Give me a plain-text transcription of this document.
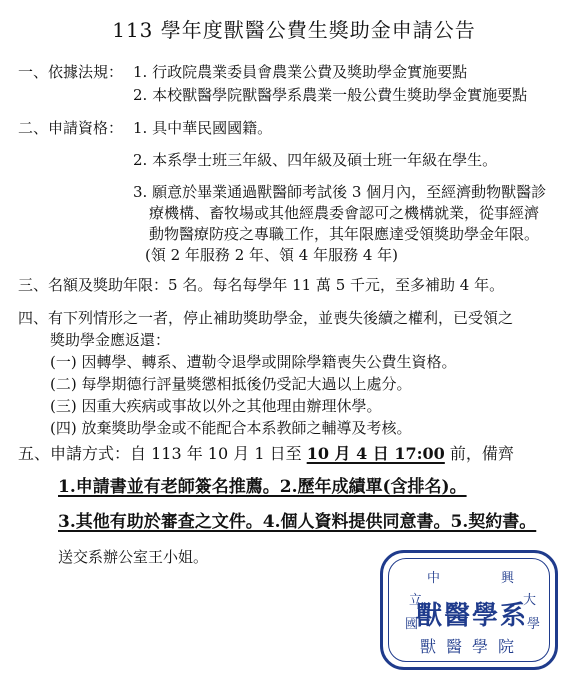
113 學年度獸醫公費生獎助金申請公告
一、依據法規： 1. 行政院農業委員會農業公費及獎助學金實施要點
2. 本校獸醫學院獸醫學系農業一般公費生獎助學金實施要點
二、申請資格： 1. 具中華民國國籍。
2. 本系學士班三年級、四年級及碩士班一年級在學生。
3. 願意於畢業通過獸醫師考試後 3 個月內，至經濟動物獸醫診
療機構、畜牧場或其他經農委會認可之機構就業，從事經濟
動物醫療防疫之專職工作，其年限應達受領獎助學金年限。
(領 2 年服務 2 年、領 4 年服務 4 年)
三、名額及獎助年限：5 名。每名每學年 11 萬 5 千元，至多補助 4 年。
四、有下列情形之一者，停止補助獎助學金，並喪失後續之權利，已受領之
獎助學金應返還：
(一) 因轉學、轉系、遭勒令退學或開除學籍喪失公費生資格。
(二) 每學期德行評量獎懲相抵後仍受記大過以上處分。
(三) 因重大疾病或事故以外之其他理由辦理休學。
(四) 放棄獎助學金或不能配合本系教師之輔導及考核。
五、申請方式：自 113 年 10 月 1 日至 10 月 4 日 17:00 前，備齊
1.申請書並有老師簽名推薦。2.歷年成績單(含排名)。
3.其他有助於審查之文件。4.個人資料提供同意書。5.契約書。
送交系辦公室王小姐。
國
立
中	興
大
學
獸醫學系
獸醫學院
